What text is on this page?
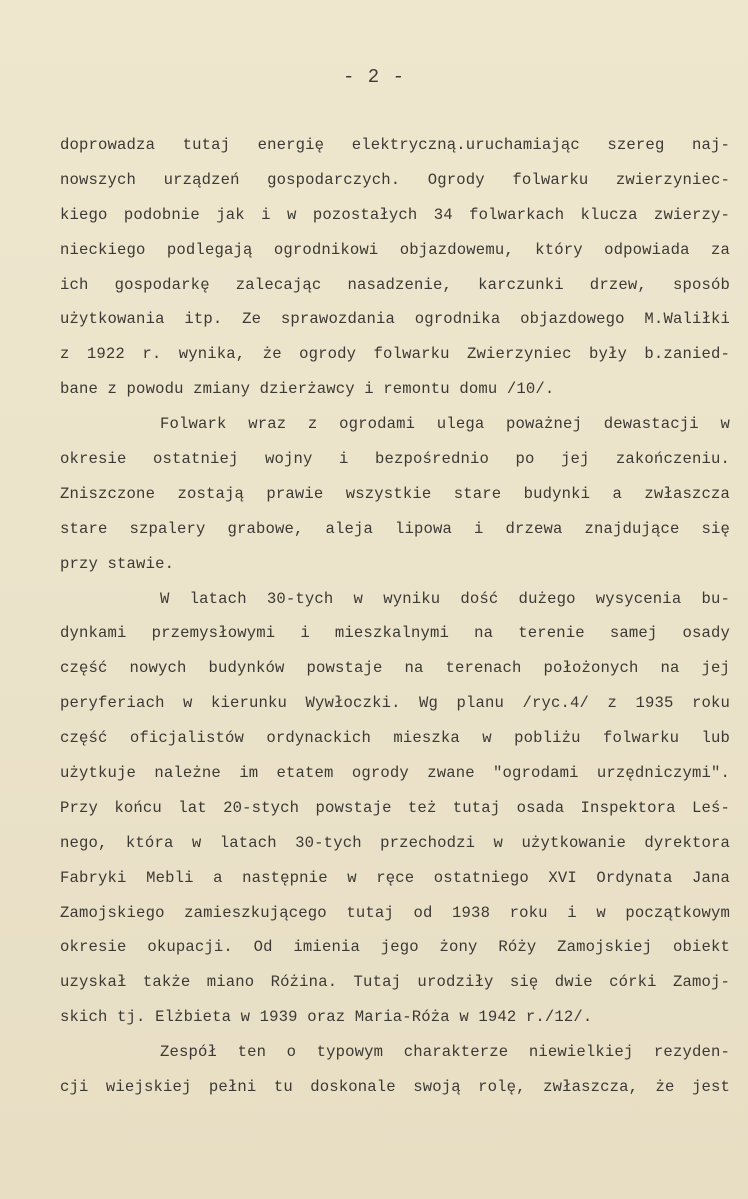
- 2 -
doprowadza tutaj energię elektryczną.uruchamiając szereg naj-
nowszych urządzeń gospodarczych. Ogrody folwarku zwierzyniec-
kiego podobnie jak i w pozostałych 34 folwarkach klucza zwierzy-
nieckiego podlegają ogrodnikowi objazdowemu, który odpowiada za
ich gospodarkę zalecając nasadzenie, karczunki drzew, sposób
użytkowania itp. Ze sprawozdania ogrodnika objazdowego M.Waliłki
z 1922 r. wynika, że ogrody folwarku Zwierzyniec były b.zanied-
bane z powodu zmiany dzierżawcy i remontu domu /10/.
Folwark wraz z ogrodami ulega poważnej dewastacji w
okresie ostatniej wojny i bezpośrednio po jej zakończeniu.
Zniszczone zostają prawie wszystkie stare budynki a zwłaszcza
stare szpalery grabowe, aleja lipowa i drzewa znajdujące się
przy stawie.
W latach 30-tych w wyniku dość dużego wysycenia bu-
dynkami przemysłowymi i mieszkalnymi na terenie samej osady
część nowych budynków powstaje na terenach położonych na jej
peryferiach w kierunku Wywłoczki. Wg planu /ryc.4/ z 1935 roku
część oficjalistów ordynackich mieszka w pobliżu folwarku lub
użytkuje należne im etatem ogrody zwane "ogrodami urzędniczymi".
Przy końcu lat 20-stych powstaje też tutaj osada Inspektora Leś-
nego, która w latach 30-tych przechodzi w użytkowanie dyrektora
Fabryki Mebli a następnie w ręce ostatniego XVI Ordynata Jana
Zamojskiego zamieszkującego tutaj od 1938 roku i w początkowym
okresie okupacji. Od imienia jego żony Róży Zamojskiej obiekt
uzyskał także miano Różina. Tutaj urodziły się dwie córki Zamoj-
skich tj. Elżbieta w 1939 oraz Maria-Róża w 1942 r./12/.
Zespół ten o typowym charakterze niewielkiej rezyden-
cji wiejskiej pełni tu doskonale swoją rolę, zwłaszcza, że jest
